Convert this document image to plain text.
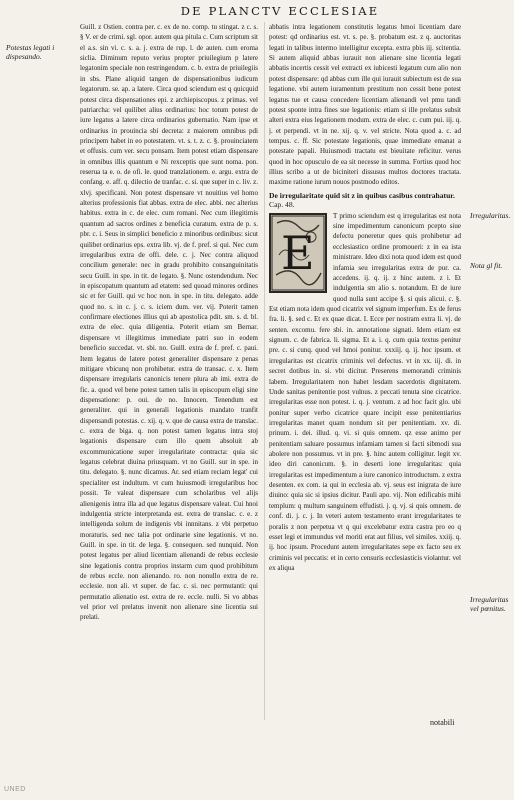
DE PLANCTV ECCLESIAE
Potestas legati i dispesando.

Guill. z Ostien. contra per. c. ex de no. comp. tu stingat. z c. s. § V. er de crimi. sgl. opor. autem qua pitula c. Cum scriptum sit el a.s. sin vi. c. s. a. j. extra de rup. l. de auten. cum eroma siclia. Diminum reputo verius propter priuilegium p latere legatonim speciale non restringendum. c. b. extra de priuilegiis in sbs. Plane aliquid tangen de dispensationibus iudicum legatorum. se. ap. a latere. Circa quod sciendum est q quicquid potest circa dispensationes epi. z archiepiscopus. z primas. vel patriarcha: vel quilibet alius ordinarius: hoc totum potest de iure legatus a latere circa ordinarios gubernatio. Nam ipse et ordinarius in prouincia sbi decreta: z maiorem omnibus pdi principem habet in eo potestatem. vt. s. t. z. c. §. prouinciatem et offusis. cum ver. secu ponsam. Item potest etiam dispensare in omnibus illis quantum e Ni rexceptis que sunt noma. pon. reserua ta e. o. de ofi. le. quod tranzlationem. e. argu. extra de confang. e. aff. q. dilectio de tranfac. c. si. que super in c. liv. z. xlvj. specificani. Non potest dispensare vt nouitius vel homo alterius professionis fiat abbas. extra de elec. abbi. nec alterius habitus. extra in c. de elec. cum romani. Nec cum illegitimis quantum ad sacros ordines z beneficia curatum. extra de p. s. pbr. c. i. Seus in simplici beneficio z minoribus ordinibus: sicut quilibet ordinarius eps. extra lib. vj. de f. pref. si qui. Nec cum irregularibus extra de offi. dele. c. j. Nec contra aliquod concilium generale: nec in gradu prohibito consanguinitatis secu Guill. in spe. in tit. de legato. §. Nunc ostendendum. Nec in episcopatum quantum ad etatem: sed quoad minores ordines sic et fer Guill. qui vc hoc non. in spe. in titu. delegato. adde quod no. s. in c. j. c. s. iciem dum. ver. vij. Poterit tamen confirmare electiones illius qui ab apostolica pdit. sm. s. d. bl. extra de elec. quia diligentia. Poterit etiam sm Bernar. dispensare vt illegitimus immediate patri suo in eodem beneficio succedat. vt. sbi. no. Guill. extra de f. pref. c. paui. Item legatus de latere potest generaliter dispensare z penas mitigare vbicunq non prohibetur. extra de transac. c. x. Item dispensare irregularis canonicis tenere plura ab imi. extra de fic. a. quod vel bene potest tamen talis in episcopum eligi sine dispensatione: p. oui. de no. Innocen. Tenendum est generaliter. qui in generali legationis mandato tranfit dispensandi potestas. c. xij. q. v. que de causa extra de translac. c. extra de biga. q. non potest tamen legatus intra stoj legationis dispensare cum illo quem absoluit ab excommunicatione super irregularitate contracta: quia sic legatus celebrat diuina priusquam. vt no Guill. sur in spe. in titu. delegato. §. nunc dicamus. Ar. sed etiam reciam legat' cui specialiter est indultum. vt cum huiusmodi irregularibus hoc possit. Te valeat dispensare cum scholaribus vel alijs alienigenis intra illa ad que legatus dispensare valeat. Cui hnoi indulgentia stricte interpretanda est. extra de translac. c. e. z intelligenda solum de indigenis vbi innnitans. z vbi perpetuo moraturis. sed nec talia pot ordinarie sine legationis. vt no. Guill. in spe. in tit. de lega. §. consequen. sed nunquid. Non potest legatus per aliud licentiam alienandi de rebus ecclesie sine legationis contra proprios instarm cum quod prohibitum de rebus eccle. non alienando. ro. non nonullo extra de re. ecclesie. non ali. vt super. de fac. c. si. nec permutanti: qui permutatio alienatio est. extra de re. eccle. nulli. Si vo abbas vel prior vel prelatus invenit non alienare sine licentia sui prelati.

abbatis intra legationem constitutis legatus hmoi licentiam dare potest: qd ordinarius est. vt. s. pe. §. probatum est. z q. auctoritas legati in talibus intermo intelligitur excepta. extra pbis iij. scitentia. Si autem aliquid abbas iurauit non alienare sine licentia legati abbatis incertis cessit vel extracti ex iubicesti legatum cum alio non potest dispensare: qd abbas cum ille qui iurauit subiectum est de sua legatione. vbi autem iuramentum prestitum non cessit bene potest legatus tue et causa concedere licentiam alienandi vel pmu tandi potest sponte intra fines sue legationis: etiam si ille prelatus subsit alteri extra eius legationem modum. extra de elec. c. cum pui. iij. q. j. et perpendi. vt in ne. xij. q. v. vel stricte. Nota quod a. c. ad tempus. c. ff. Sic potestate legationis, quae immediate emanat a potestate papali. Huiusmodi tractatu est bieuitate reficitur. verus quod in hoc opusculo de ea sit necesse in summa. Fortius quod hoc illius scribo a ut de biciniteri dissusus multos doctores tractata. maxime ratione iurum nouos postmodo editos.

De irregularitate quid sit z in quibus casibus contrahatur. Cap. 48.
E

T primo sciendum est q irregularitas est nota sine impedimentum canonicum pcepto siue defectu poneretur ques quis prohibetur ad ecclesiastico ordine promoueri: z in ea ista ministrare. Ideo dixi nota quod idem est quod infamia seu irregularitas extra de pur. ca. accedens. ij. q. ij. z hinc autem. z i. Et indulgentia sm alio s. notandum. Et de iure quod nulla sunt accipe §. si quis alicui. c. §. Est etiam nota idem quod cicatrix vel signum imperfum. Ex de ferus fra. li. §. sed c. Et ex quae dicat. I. Ecce per nostram extra li. vj. de senten. excomu. fere sbi. in. annotatione signati. Idem etiam est signum. c. de fabrica. li. sigma. Et a. i. q. cum quia textus penitur pre. c. si cunq. quod vel hmoi ponitur. xxxiij. q. ij. hoc ipsum. et irregularitas est cicatrix criminis vel defectus. vt in xx. iij. di. in secret dotibus in. si. vbi dicitur. Preserens memorandi criminis labem. Irregularitatem non habet lesdam sacerdotis dignitatem. Unde sanitas penitentie post vulnus. z peccati tenuta sine cicatrice. irregularitas esse non potest. i. q. j. ventum. z ad hoc facit glo. ubi ponitur super verbo cicatrice quare incipit esse penitentiarius irregularitas manet quam nondum sit per penitentiam. xv. di. prinum. i. dei. illud. q. vi. si quis omnem. qz esse animo per penitentiam saluare possumus infamiam tamen si facti sibmodi sua abolere non possumus. vt in pre. §. hinc autem colligitur. legit xv. ideo diri canonicum. §. in deserti ione irregularitas: quia irregularitas est impedimentum a iure canonico introductum. z extra desenten. ex com. ia qui in ecclesia ab. vj. seus est inigrata de iure diuino: quia sic si ipsius dicitur. Pauli apo. vij. Non edificabis mihi templum: q multum sanguinem effudisti. j. q. vj. si quis omnem. de conf. di. j. c. j. In veteri autem testamento erant irregularitates te poralis z non perpetua vt q qui excelebatur extra castra pro eo q esset legi et immundus vel moriti erat aut filius, vel similes. xxiij. q. ij. hoc ipsum. Procedunt autem irregularitates sepe ex facto seu ex criminis vel peccatis: et in certo censuris ecclesiasticis violantur. vel ex aliqua

Irregularitas.
Nota gl fit.
Irregularitas vel pœnitus.
notabili
UNED
